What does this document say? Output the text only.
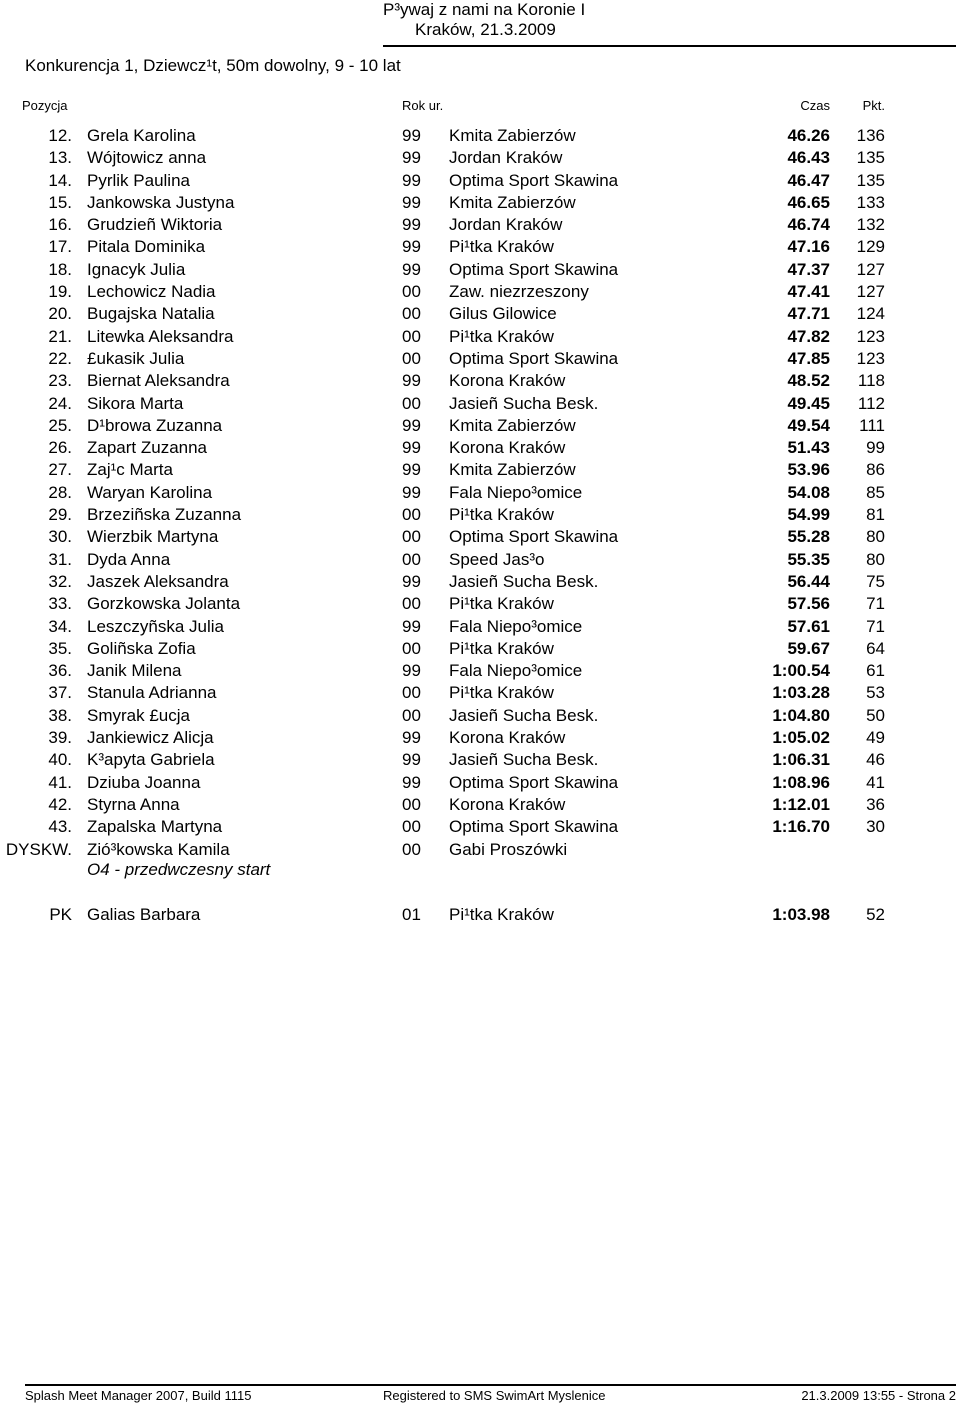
P³ywaj z nami na Koronie I
Kraków, 21.3.2009
Konkurencja 1, Dziewcz¹t, 50m dowolny, 9 - 10 lat
Pozycja	Rok ur.	Czas	Pkt.
12. Grela Karolina	99 Kmita Zabierzów	46.26 136
13. Wójtowicz anna	99 Jordan Kraków	46.43 135
14. Pyrlik Paulina	99 Optima Sport Skawina	46.47 135
15. Jankowska Justyna	99 Kmita Zabierzów	46.65 133
16. Grudzieñ Wiktoria	99 Jordan Kraków	46.74 132
17. Pitala Dominika	99 Pi¹tka Kraków	47.16 129
18. Ignacyk Julia	99 Optima Sport Skawina	47.37 127
19. Lechowicz Nadia	00 Zaw. niezrzeszony	47.41 127
20. Bugajska Natalia	00 Gilus Gilowice	47.71 124
21. Litewka Aleksandra	00 Pi¹tka Kraków	47.82 123
22. £ukasik Julia	00 Optima Sport Skawina	47.85 123
23. Biernat Aleksandra	99 Korona Kraków	48.52 118
24. Sikora Marta	00 Jasieñ Sucha Besk.	49.45 112
25. D¹browa Zuzanna	99 Kmita Zabierzów	49.54 111
26. Zapart Zuzanna	99 Korona Kraków	51.43 99
27. Zaj¹c Marta	99 Kmita Zabierzów	53.96 86
28. Waryan Karolina	99 Fala Niepo³omice	54.08 85
29. Brzeziñska Zuzanna	00 Pi¹tka Kraków	54.99 81
30. Wierzbik Martyna	00 Optima Sport Skawina	55.28 80
31. Dyda Anna	00 Speed Jas³o	55.35 80
32. Jaszek Aleksandra	99 Jasieñ Sucha Besk.	56.44 75
33. Gorzkowska Jolanta	00 Pi¹tka Kraków	57.56 71
34. Leszczyñska Julia	99 Fala Niepo³omice	57.61 71
35. Goliñska Zofia	00 Pi¹tka Kraków	59.67 64
36. Janik Milena	99 Fala Niepo³omice	1:00.54 61
37. Stanula Adrianna	00 Pi¹tka Kraków	1:03.28 53
38. Smyrak £ucja	00 Jasieñ Sucha Besk.	1:04.80 50
39. Jankiewicz Alicja	99 Korona Kraków	1:05.02 49
40. K³apyta Gabriela	99 Jasieñ Sucha Besk.	1:06.31 46
41. Dziuba Joanna	99 Optima Sport Skawina	1:08.96 41
42. Styrna Anna	00 Korona Kraków	1:12.01 36
43. Zapalska Martyna	00 Optima Sport Skawina	1:16.70 30
DYSKW. Zió³kowska Kamila	00 Gabi Proszówki
O4 - przedwczesny start
PK Galias Barbara	01 Pi¹tka Kraków	1:03.98 52
Splash Meet Manager 2007, Build 1115	Registered to SMS SwimArt Myslenice	21.3.2009 13:55 - Strona 2
